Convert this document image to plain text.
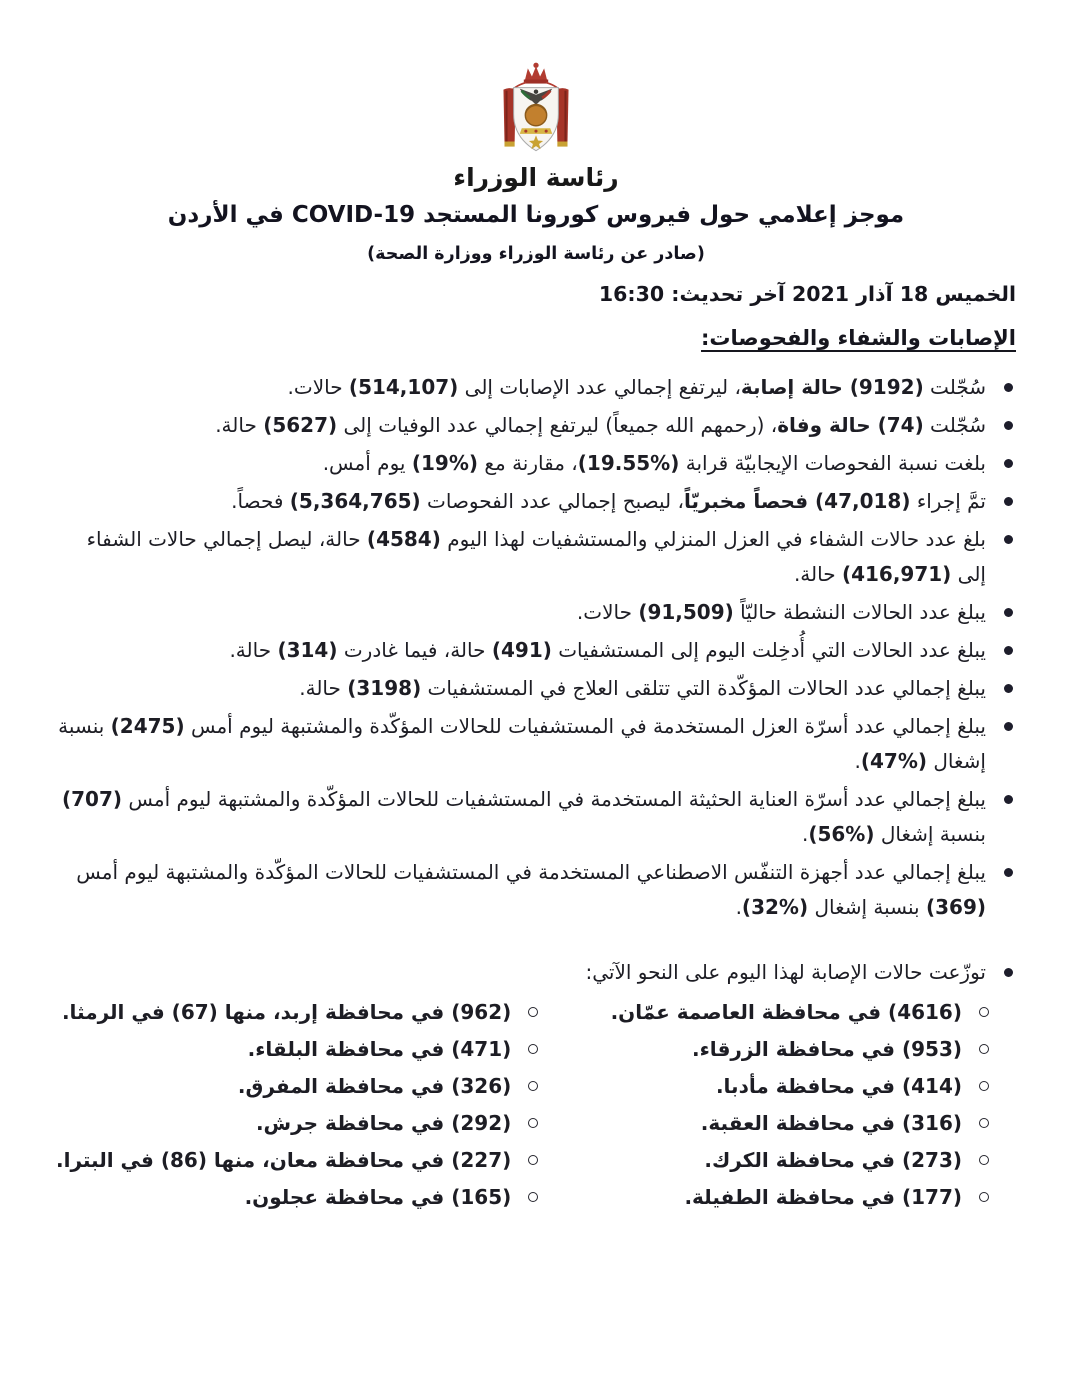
رئاسة الوزراء
موجز إعلامي حول فيروس كورونا المستجد COVID-19 في الأردن
(صادر عن رئاسة الوزراء ووزارة الصحة)
الخميس 18 آذار 2021 آخر تحديث: 16:30
الإصابات والشفاء والفحوصات:
سُجّلت (9192) حالة إصابة، ليرتفع إجمالي عدد الإصابات إلى (514,107) حالات.
سُجّلت (74) حالة وفاة، (رحمهم الله جميعاً) ليرتفع إجمالي عدد الوفيات إلى (5627) حالة.
بلغت نسبة الفحوصات الإيجابيّة قرابة (%19.55)، مقارنة مع (%19) يوم أمس.
تمَّ إجراء (47,018) فحصاً مخبريّاً، ليصبح إجمالي عدد الفحوصات (5,364,765) فحصاً.
بلغ عدد حالات الشفاء في العزل المنزلي والمستشفيات لهذا اليوم (4584) حالة، ليصل إجمالي حالات الشفاء إلى (416,971) حالة.
يبلغ عدد الحالات النشطة حاليّاً (91,509) حالات.
يبلغ عدد الحالات التي أُدخِلت اليوم إلى المستشفيات (491) حالة، فيما غادرت (314) حالة.
يبلغ إجمالي عدد الحالات المؤكّدة التي تتلقى العلاج في المستشفيات (3198) حالة.
يبلغ إجمالي عدد أسرّة العزل المستخدمة في المستشفيات للحالات المؤكّدة والمشتبهة ليوم أمس (2475) بنسبة إشغال (%47).
يبلغ إجمالي عدد أسرّة العناية الحثيثة المستخدمة في المستشفيات للحالات المؤكّدة والمشتبهة ليوم أمس (707) بنسبة إشغال (%56).
يبلغ إجمالي عدد أجهزة التنفّس الاصطناعي المستخدمة في المستشفيات للحالات المؤكّدة والمشتبهة ليوم أمس (369) بنسبة إشغال (%32).
توزّعت حالات الإصابة لهذا اليوم على النحو الآتي:
(4616) في محافظة العاصمة عمّان.
(953) في محافظة الزرقاء.
(414) في محافظة مأدبا.
(316) في محافظة العقبة.
(273) في محافظة الكرك.
(177) في محافظة الطفيلة.
(962) في محافظة إربد، منها (67) في الرمثا.
(471) في محافظة البلقاء.
(326) في محافظة المفرق.
(292) في محافظة جرش.
(227) في محافظة معان، منها (86) في البترا.
(165) في محافظة عجلون.
